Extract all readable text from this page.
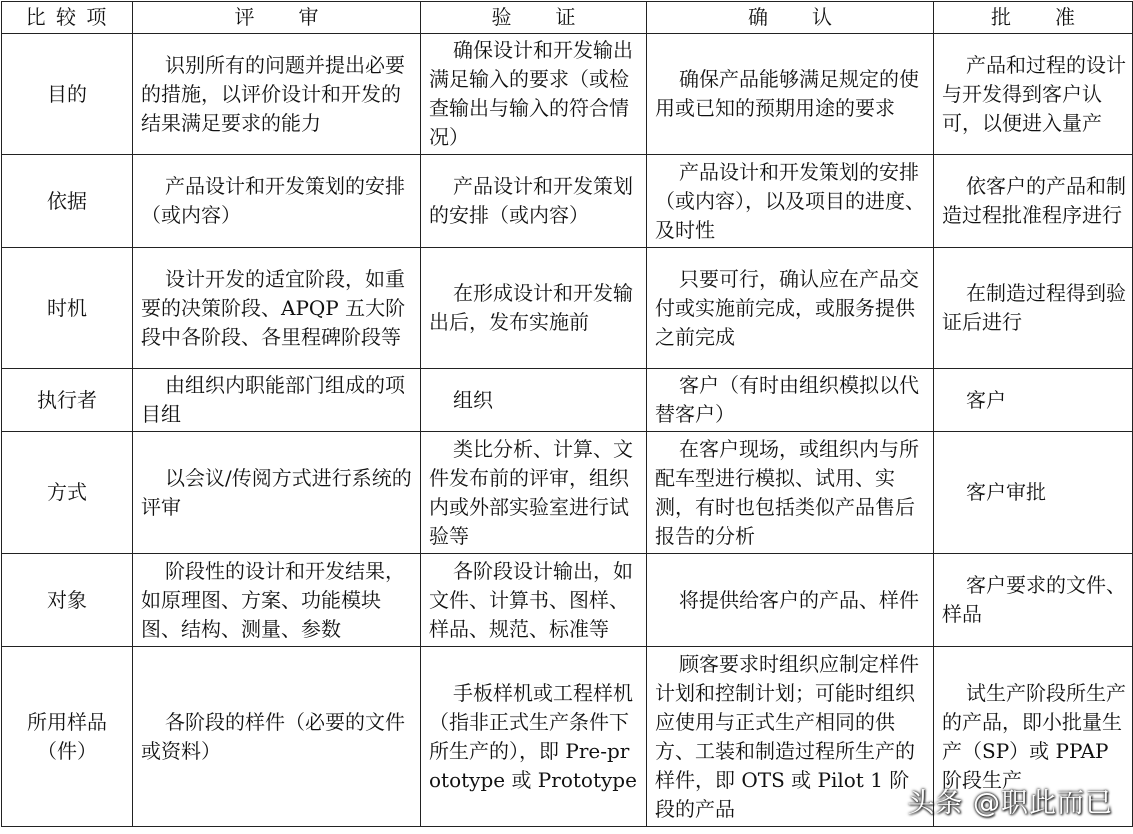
比 较 项	评审	验证	确认	批准
目的	识别所有的问题并提出必要的措施，以评价设计和开发的结果满足要求的能力	确保设计和开发输出满足输入的要求（或检查输出与输入的符合情况）	确保产品能够满足规定的使用或已知的预期用途的要求	产品和过程的设计与开发得到客户认可，以便进入量产

依据	产品设计和开发策划的安排（或内容）	产品设计和开发策划的安排（或内容）	产品设计和开发策划的安排（或内容），以及项目的进度、及时性	依客户的产品和制造过程批准程序进行

时机	设计开发的适宜阶段，如重要的决策阶段、APQP 五大阶段中各阶段、各里程碑阶段等	在形成设计和开发输出后，发布实施前	只要可行，确认应在产品交付或实施前完成，或服务提供之前完成	在制造过程得到验证后进行

执行者	由组织内职能部门组成的项目组	组织	客户（有时由组织模拟以代替客户）	客户

方式	以会议/传阅方式进行系统的评审	类比分析、计算、文件发布前的评审，组织内或外部实验室进行试验等	在客户现场，或组织内与所配车型进行模拟、试用、实测，有时也包括类似产品售后报告的分析	客户审批

对象	阶段性的设计和开发结果，如原理图、方案、功能模块图、结构、测量、参数	各阶段设计输出，如文件、计算书、图样、样品、规范、标准等	将提供给客户的产品、样件	客户要求的文件、样品

所用样品（件）	各阶段的样件（必要的文件或资料）	手板样机或工程样机（指非正式生产条件下所生产的），即 Pre-prototype 或 Prototype	顾客要求时组织应制定样件计划和控制计划；可能时组织应使用与正式生产相同的供方、工装和制造过程所生产的样件，即 OTS 或 Pilot 1 阶段的产品	试生产阶段所生产的产品，即小批量生产（SP）或 PPAP 阶段生产
头条 @职此而已
